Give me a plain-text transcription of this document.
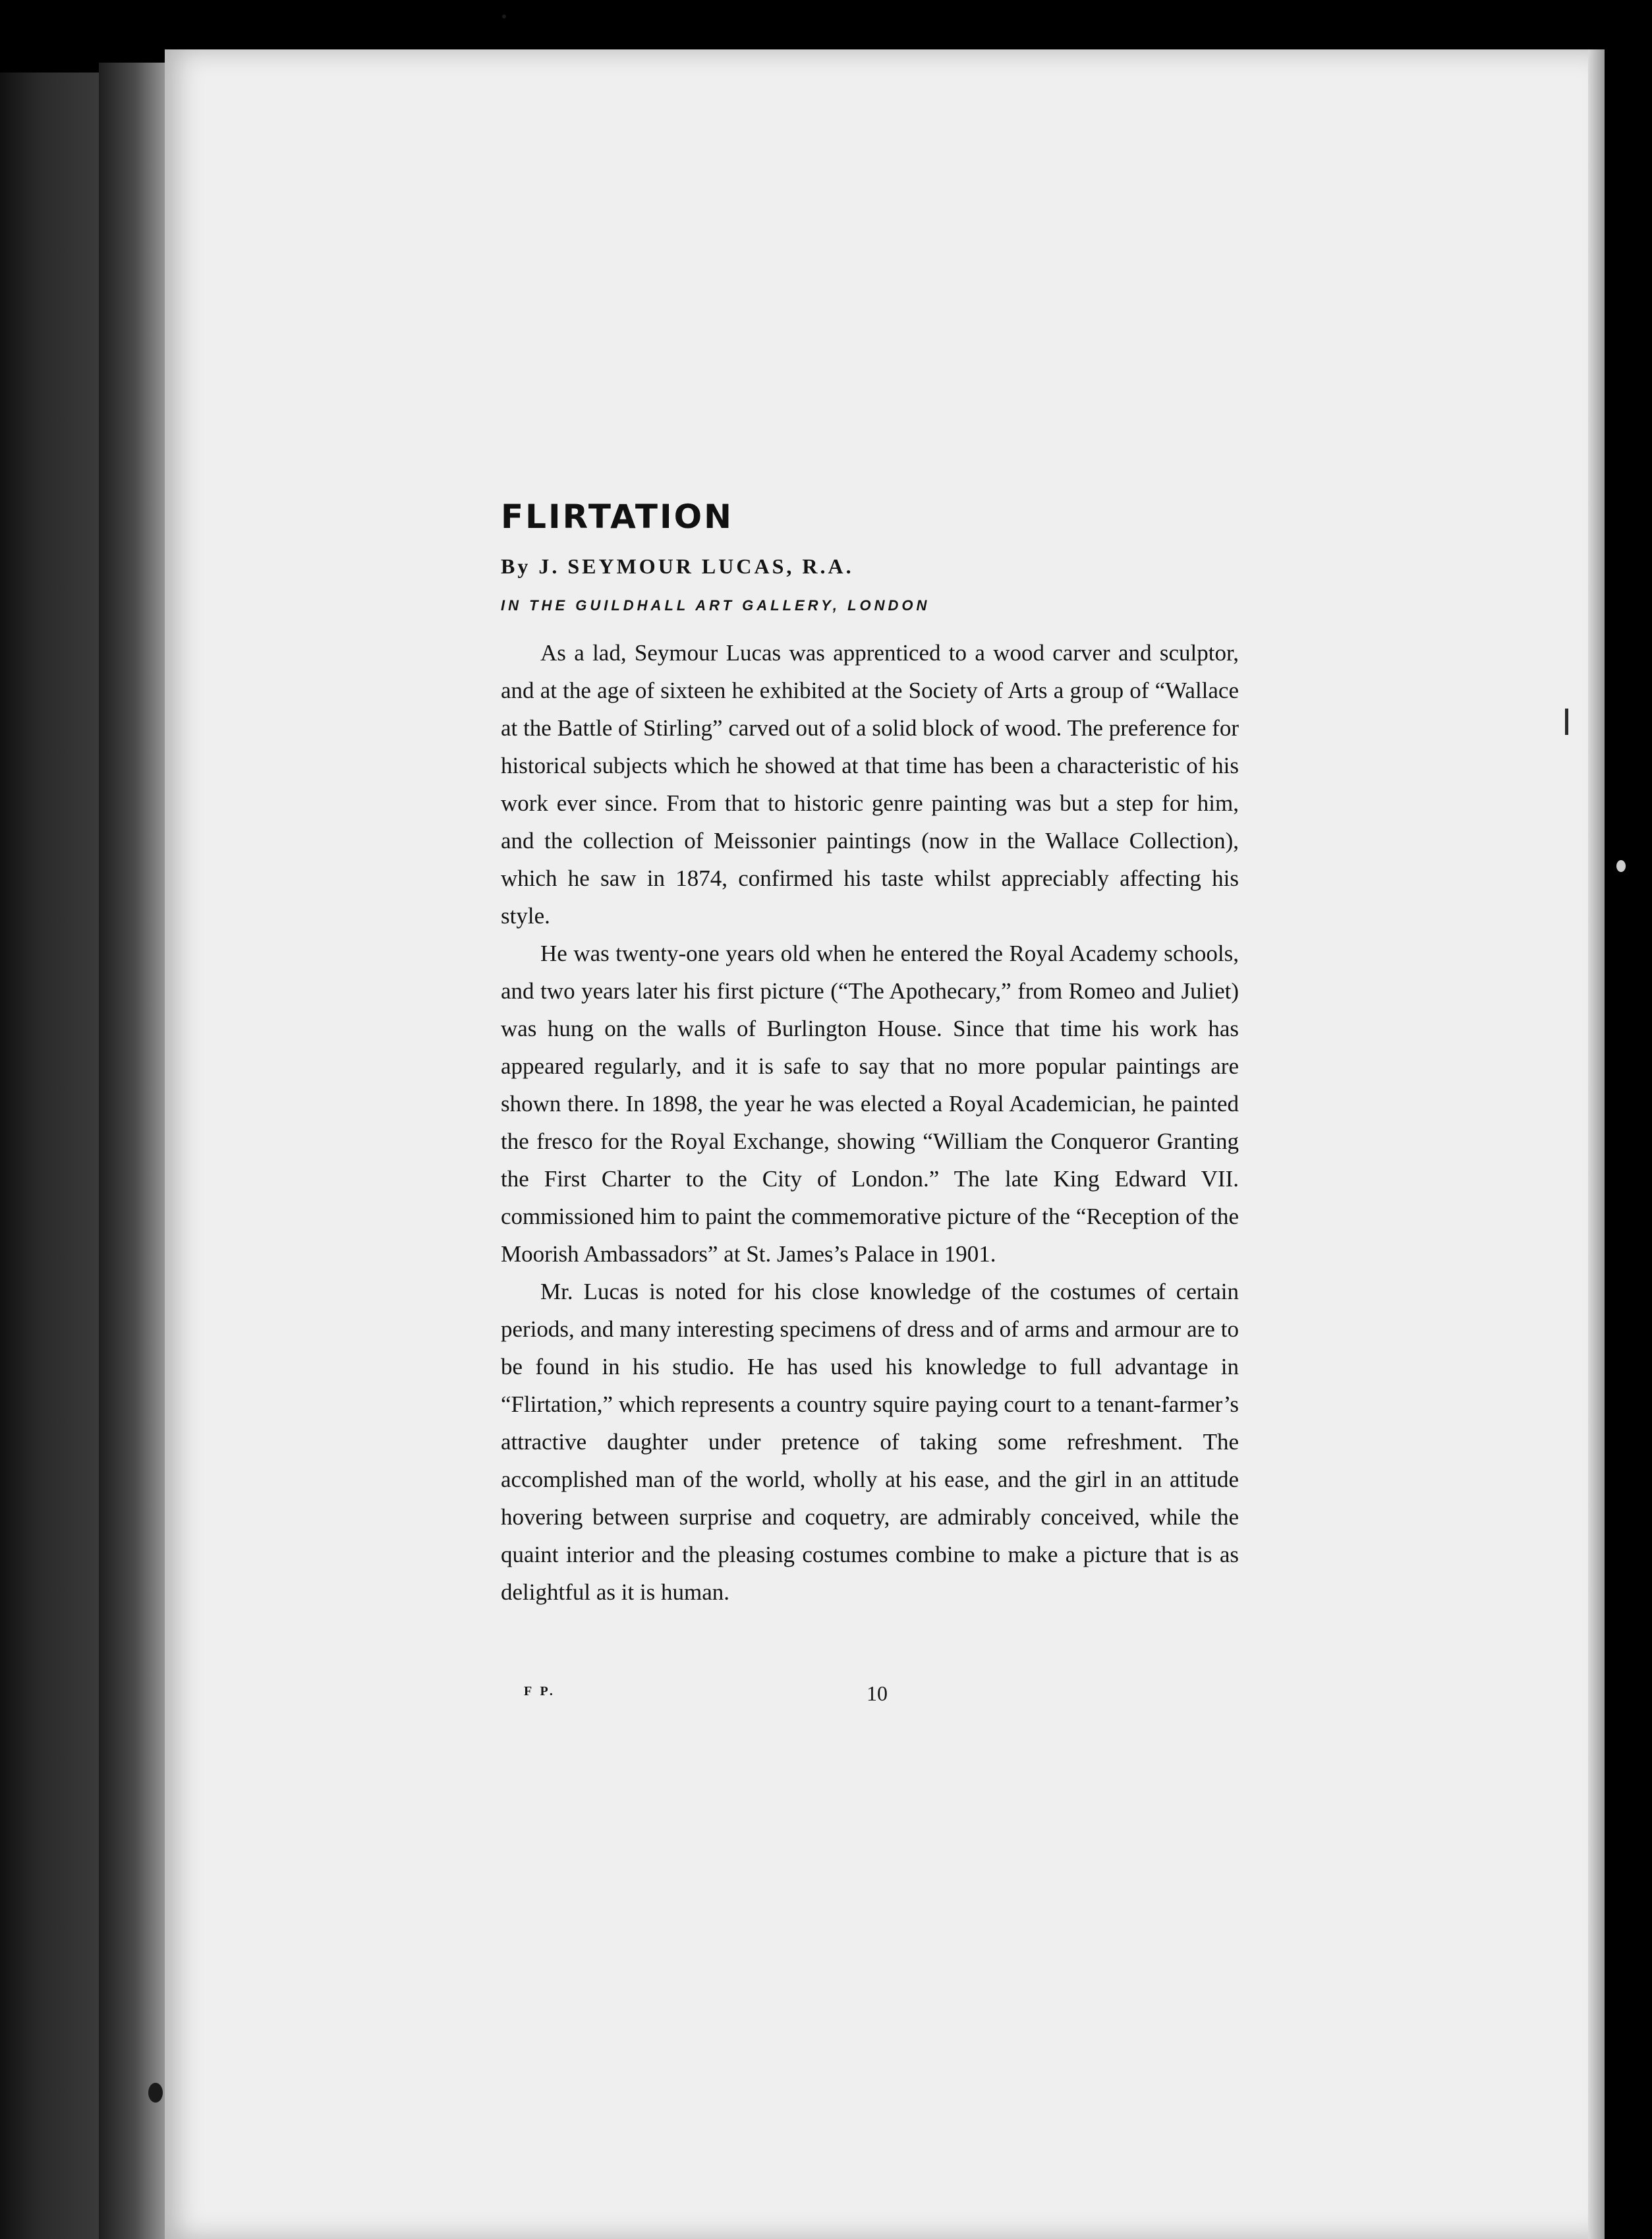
FLIRTATION
By J. SEYMOUR LUCAS, R.A.
IN THE GUILDHALL ART GALLERY, LONDON

As a lad, Seymour Lucas was apprenticed to a wood carver and sculptor, and at the age of sixteen he exhibited at the Society of Arts a group of “Wallace at the Battle of Stirling” carved out of a solid block of wood. The preference for historical subjects which he showed at that time has been a characteristic of his work ever since. From that to historic genre painting was but a step for him, and the collection of Meissonier paintings (now in the Wallace Collection), which he saw in 1874, confirmed his taste whilst appreciably affecting his style.

He was twenty-one years old when he entered the Royal Academy schools, and two years later his first picture (“The Apothecary,” from Romeo and Juliet) was hung on the walls of Burlington House. Since that time his work has appeared regularly, and it is safe to say that no more popular paintings are shown there. In 1898, the year he was elected a Royal Academician, he painted the fresco for the Royal Exchange, showing “William the Conqueror Granting the First Charter to the City of London.” The late King Edward VII. commissioned him to paint the commemorative picture of the “Reception of the Moorish Ambassadors” at St. James’s Palace in 1901.

Mr. Lucas is noted for his close knowledge of the costumes of certain periods, and many interesting specimens of dress and of arms and armour are to be found in his studio. He has used his knowledge to full advantage in “Flirtation,” which represents a country squire paying court to a tenant-farmer’s attractive daughter under pretence of taking some refreshment. The accomplished man of the world, wholly at his ease, and the girl in an attitude hovering between surprise and coquetry, are admirably conceived, while the quaint interior and the pleasing costumes combine to make a picture that is as delightful as it is human.

F P.	10
